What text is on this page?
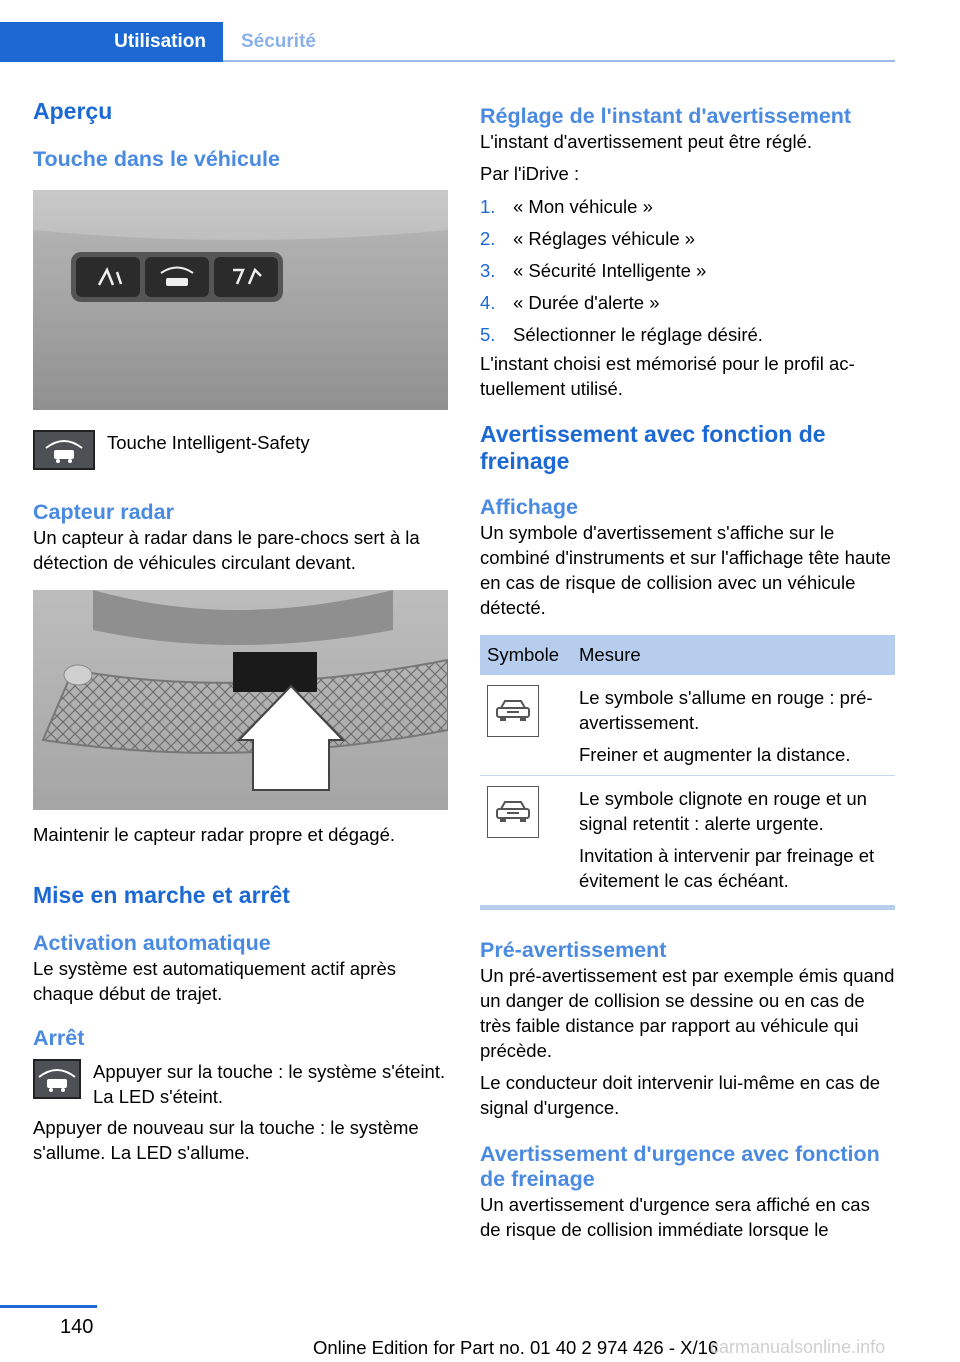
Utilisation	Sécurité
Aperçu
Touche dans le véhicule

Touche Intelligent-Safety

Capteur radar

Un capteur à radar dans le pare-chocs sert à la détection de véhicules circulant devant.

Maintenir le capteur radar propre et dégagé.

Mise en marche et arrêt
Activation automatique

Le système est automatiquement actif après chaque début de trajet.

Arrêt

Appuyer sur la touche : le système s'éteint. La LED s'éteint.

Appuyer de nouveau sur la touche : le système s'allume. La LED s'allume.

Réglage de l'instant d'avertissement

L'instant d'avertissement peut être réglé.

Par l'iDrive :

1. « Mon véhicule »
2. « Réglages véhicule »
3. « Sécurité Intelligente »
4. « Durée d'alerte »
5. Sélectionner le réglage désiré.

L'instant choisi est mémorisé pour le profil actuellement utilisé.

Avertissement avec fonction de freinage
Affichage

Un symbole d'avertissement s'affiche sur le combiné d'instruments et sur l'affichage tête haute en cas de risque de collision avec un véhicule détecté.

Symbole	Mesure

Le symbole s'allume en rouge : pré-avertissement.
Freiner et augmenter la distance.

Le symbole clignote en rouge et un signal retentit : alerte urgente.
Invitation à intervenir par freinage et évitement le cas échéant.
Pré-avertissement

Un pré-avertissement est par exemple émis quand un danger de collision se dessine ou en cas de très faible distance par rapport au véhicule qui précède.

Le conducteur doit intervenir lui-même en cas de signal d'urgence.

Avertissement d'urgence avec fonction de freinage

Un avertissement d'urgence sera affiché en cas de risque de collision immédiate lorsque le

140
Online Edition for Part no. 01 40 2 974 426 - X/16
carmanualsonline.info
